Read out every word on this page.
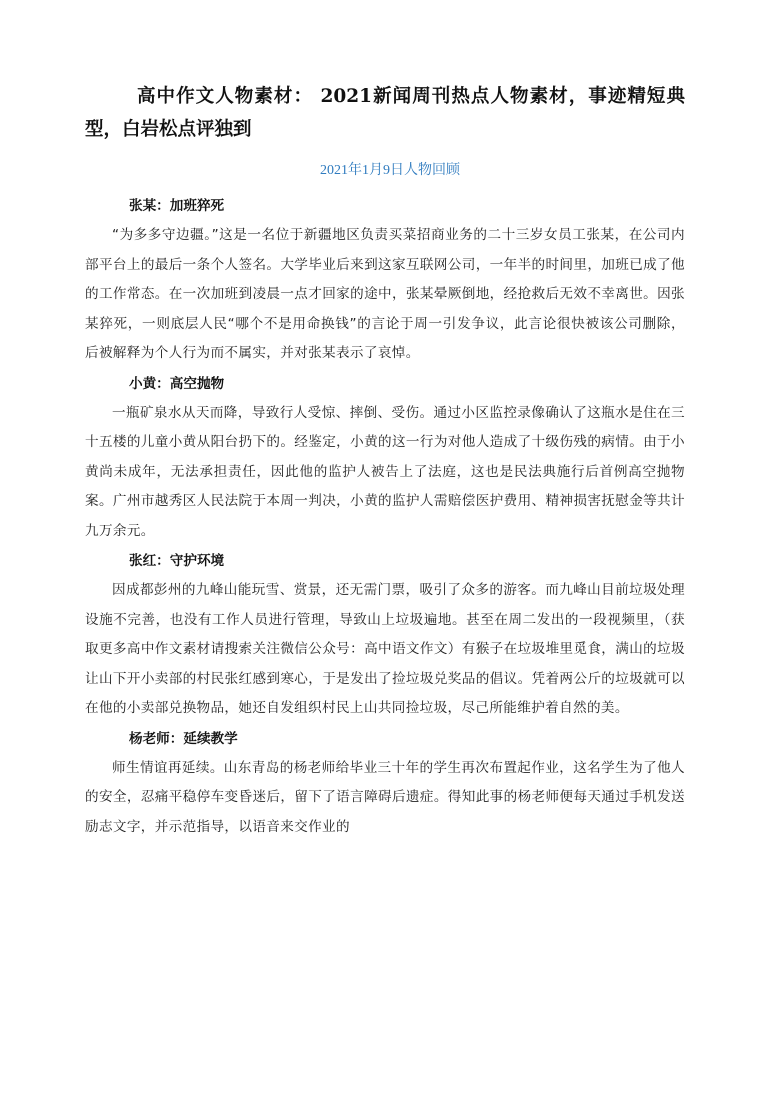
高中作文人物素材： 2021新闻周刊热点人物素材，事迹精短典型，白岩松点评独到

2021年1月9日人物回顾

张某：加班猝死

“为多多守边疆。”这是一名位于新疆地区负责买菜招商业务的二十三岁女员工张某，在公司内部平台上的最后一条个人签名。大学毕业后来到这家互联网公司，一年半的时间里，加班已成了他的工作常态。在一次加班到凌晨一点才回家的途中，张某晕厥倒地，经抢救后无效不幸离世。因张某猝死，一则底层人民“哪个不是用命换钱”的言论于周一引发争议，此言论很快被该公司删除，后被解释为个人行为而不属实，并对张某表示了哀悼。

小黄：高空抛物

一瓶矿泉水从天而降，导致行人受惊、摔倒、受伤。通过小区监控录像确认了这瓶水是住在三十五楼的儿童小黄从阳台扔下的。经鉴定，小黄的这一行为对他人造成了十级伤残的病情。由于小黄尚未成年，无法承担责任，因此他的监护人被告上了法庭，这也是民法典施行后首例高空抛物案。广州市越秀区人民法院于本周一判决，小黄的监护人需赔偿医护费用、精神损害抚慰金等共计九万余元。

张红：守护环境

因成都彭州的九峰山能玩雪、赏景，还无需门票，吸引了众多的游客。而九峰山目前垃圾处理设施不完善，也没有工作人员进行管理，导致山上垃圾遍地。甚至在周二发出的一段视频里，（获取更多高中作文素材请搜索关注微信公众号：高中语文作文）有猴子在垃圾堆里觅食，满山的垃圾让山下开小卖部的村民张红感到寒心，于是发出了捡垃圾兑奖品的倡议。凭着两公斤的垃圾就可以在他的小卖部兑换物品，她还自发组织村民上山共同捡垃圾，尽己所能维护着自然的美。

杨老师：延续教学

师生情谊再延续。山东青岛的杨老师给毕业三十年的学生再次布置起作业，这名学生为了他人的安全，忍痛平稳停车变昏迷后，留下了语言障碍后遗症。得知此事的杨老师便每天通过手机发送励志文字，并示范指导，以语音来交作业的
